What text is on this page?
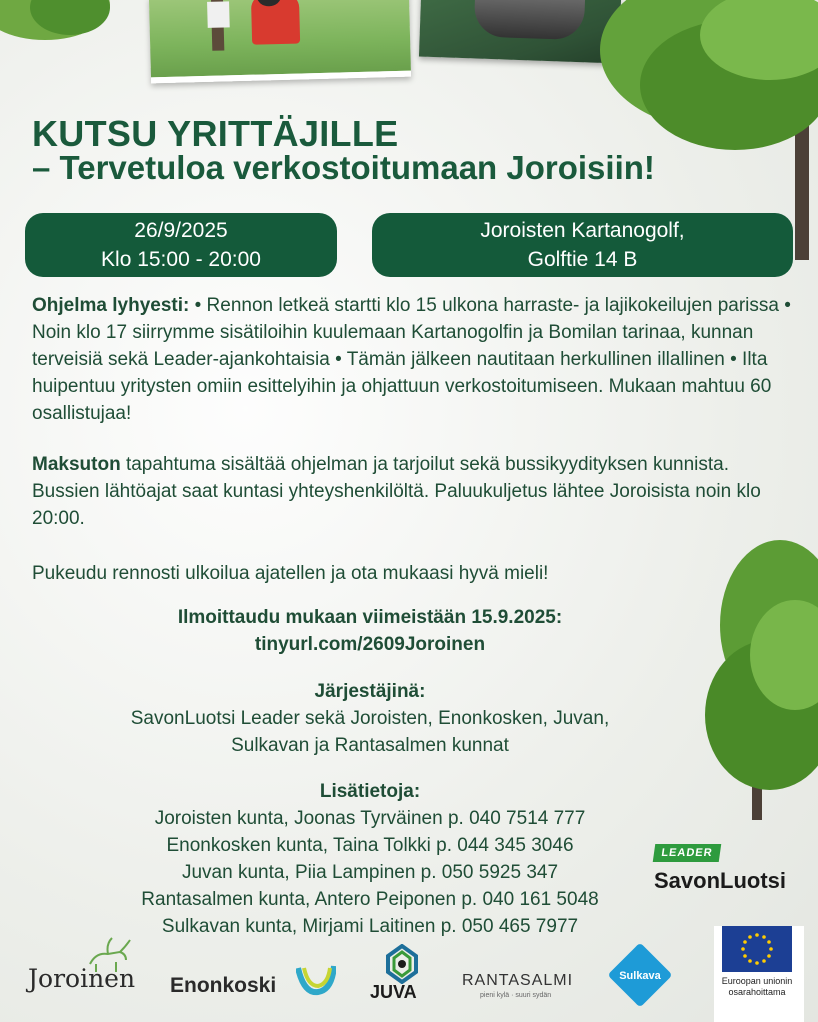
KUTSU YRITTÄJILLE
– Tervetuloa verkostoitumaan Joroisiin!
26/9/2025
Klo 15:00 - 20:00
Joroisten Kartanogolf,
Golftie 14 B

Ohjelma lyhyesti: • Rennon letkeä startti klo 15 ulkona harraste- ja lajikokeilujen parissa • Noin klo 17 siirrymme sisätiloihin kuulemaan Kartanogolfin ja Bomilan tarinaa, kunnan terveisiä sekä Leader-ajankohtaisia • Tämän jälkeen nautitaan herkullinen illallinen • Ilta huipentuu yritysten omiin esittelyihin ja ohjattuun verkostoitumiseen. Mukaan mahtuu 60 osallistujaa!

Maksuton tapahtuma sisältää ohjelman ja tarjoilut sekä bussikyydityksen kunnista. Bussien lähtöajat saat kuntasi yhteyshenkilöltä. Paluukuljetus lähtee Joroisista noin klo 20:00.

Pukeudu rennosti ulkoilua ajatellen ja ota mukaasi hyvä mieli!

Ilmoittaudu mukaan viimeistään 15.9.2025:
tinyurl.com/2609Joroinen
Järjestäjinä:
SavonLuotsi Leader sekä Joroisten, Enonkosken, Juvan,
Sulkavan ja Rantasalmen kunnat
Lisätietoja:
Joroisten kunta, Joonas Tyrväinen p. 040 7514 777
Enonkosken kunta, Taina Tolkki p. 044 345 3046
Juvan kunta, Piia Lampinen p. 050 5925 347
Rantasalmen kunta, Antero Peiponen p. 040 161 5048
Sulkavan kunta, Mirjami Laitinen p. 050 465 7977
LEADER
SavonLuotsi
Joroinen Enonkoski	JUVA
RANTASALMI
pieni kylä · suuri sydän
Sulkava	Euroopan unionin osarahoittama
